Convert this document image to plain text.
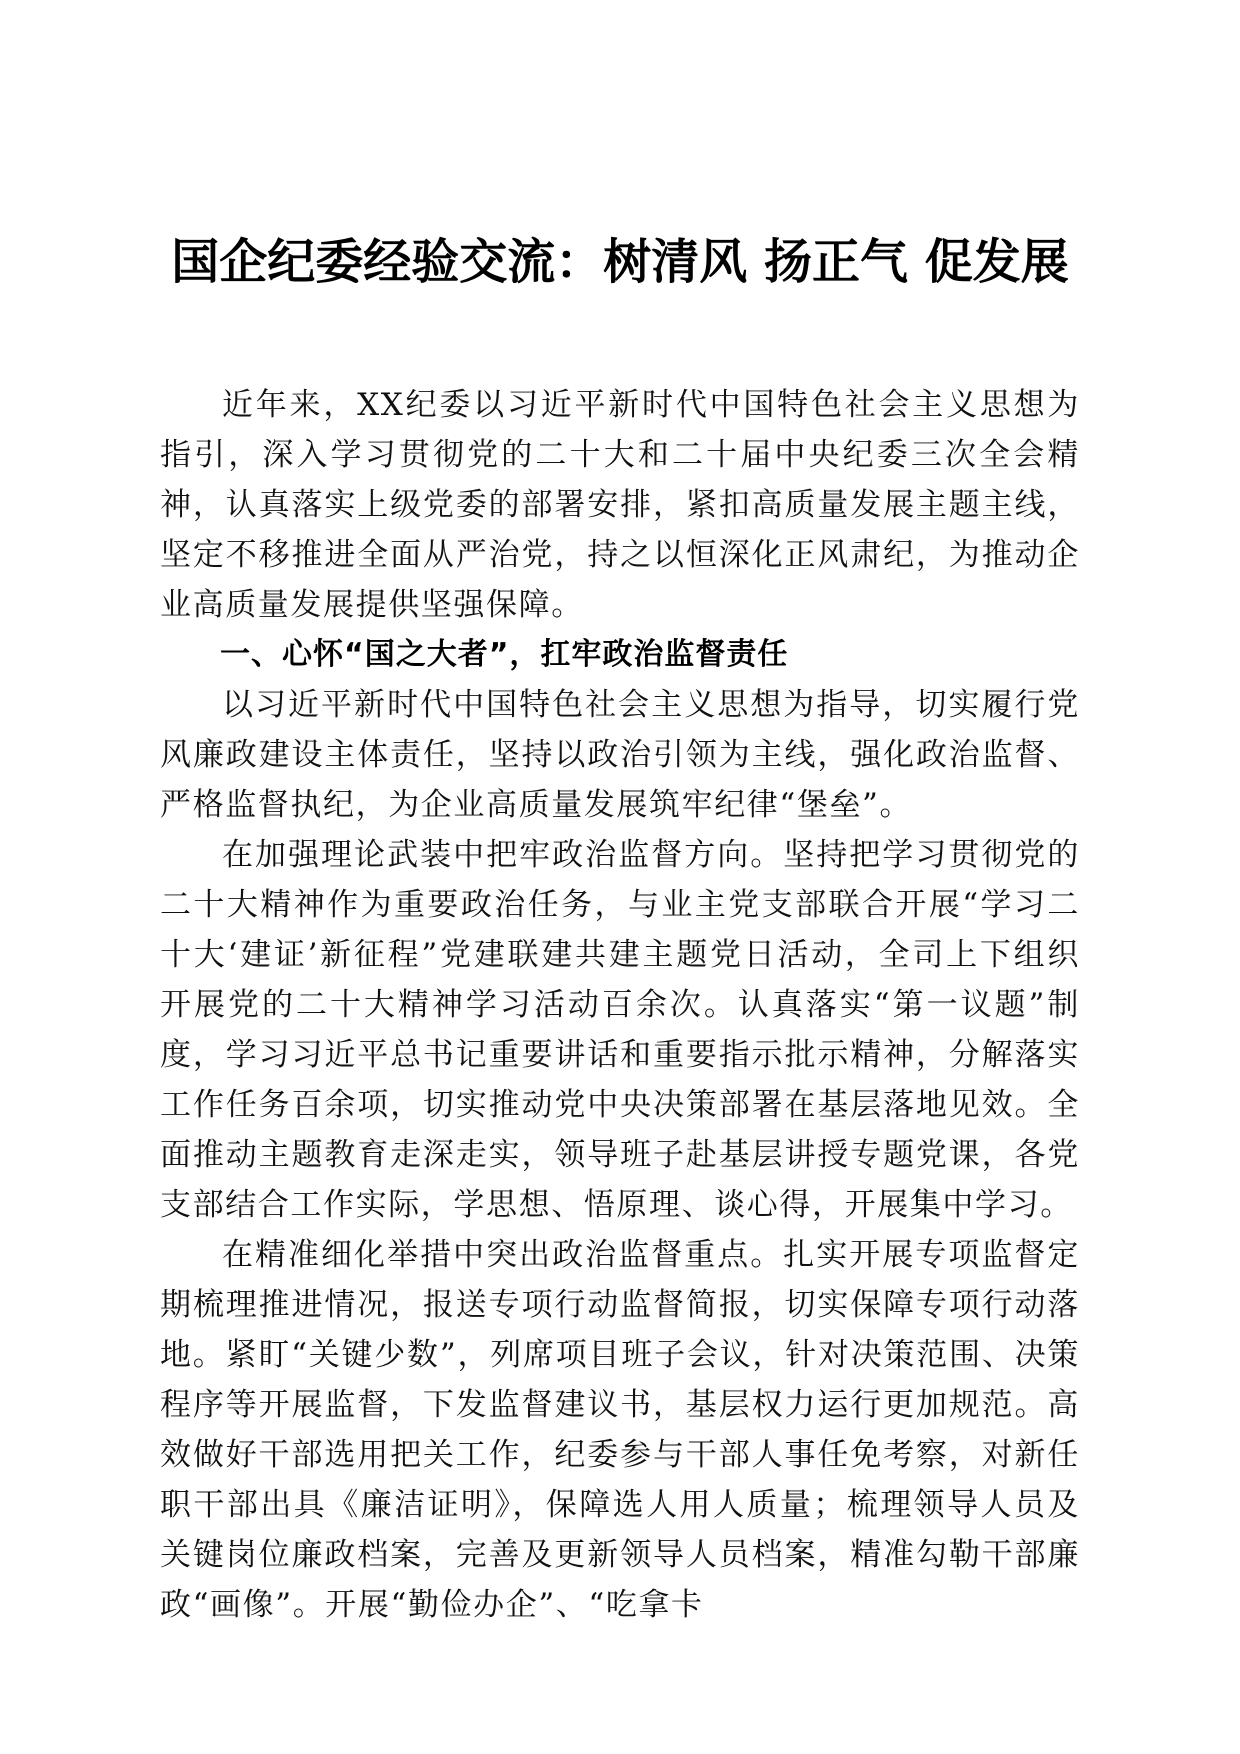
国企纪委经验交流：树清风 扬正气 促发展

近年来，XX纪委以习近平新时代中国特色社会主义思想为指引，深入学习贯彻党的二十大和二十届中央纪委三次全会精神，认真落实上级党委的部署安排，紧扣高质量发展主题主线，坚定不移推进全面从严治党，持之以恒深化正风肃纪，为推动企业高质量发展提供坚强保障。

一、心怀“国之大者”，扛牢政治监督责任

以习近平新时代中国特色社会主义思想为指导，切实履行党风廉政建设主体责任，坚持以政治引领为主线，强化政治监督、严格监督执纪，为企业高质量发展筑牢纪律“堡垒”。

在加强理论武装中把牢政治监督方向。坚持把学习贯彻党的二十大精神作为重要政治任务，与业主党支部联合开展“学习二十大‘建证’新征程”党建联建共建主题党日活动，全司上下组织开展党的二十大精神学习活动百余次。认真落实“第一议题”制度，学习习近平总书记重要讲话和重要指示批示精神，分解落实工作任务百余项，切实推动党中央决策部署在基层落地见效。全面推动主题教育走深走实，领导班子赴基层讲授专题党课，各党支部结合工作实际，学思想、悟原理、谈心得，开展集中学习。

在精准细化举措中突出政治监督重点。扎实开展专项监督定期梳理推进情况，报送专项行动监督简报，切实保障专项行动落地。紧盯“关键少数”，列席项目班子会议，针对决策范围、决策程序等开展监督，下发监督建议书，基层权力运行更加规范。高效做好干部选用把关工作，纪委参与干部人事任免考察，对新任职干部出具《廉洁证明》，保障选人用人质量；梳理领导人员及关键岗位廉政档案，完善及更新领导人员档案，精准勾勒干部廉政“画像”。开展“勤俭办企”、“吃拿卡
